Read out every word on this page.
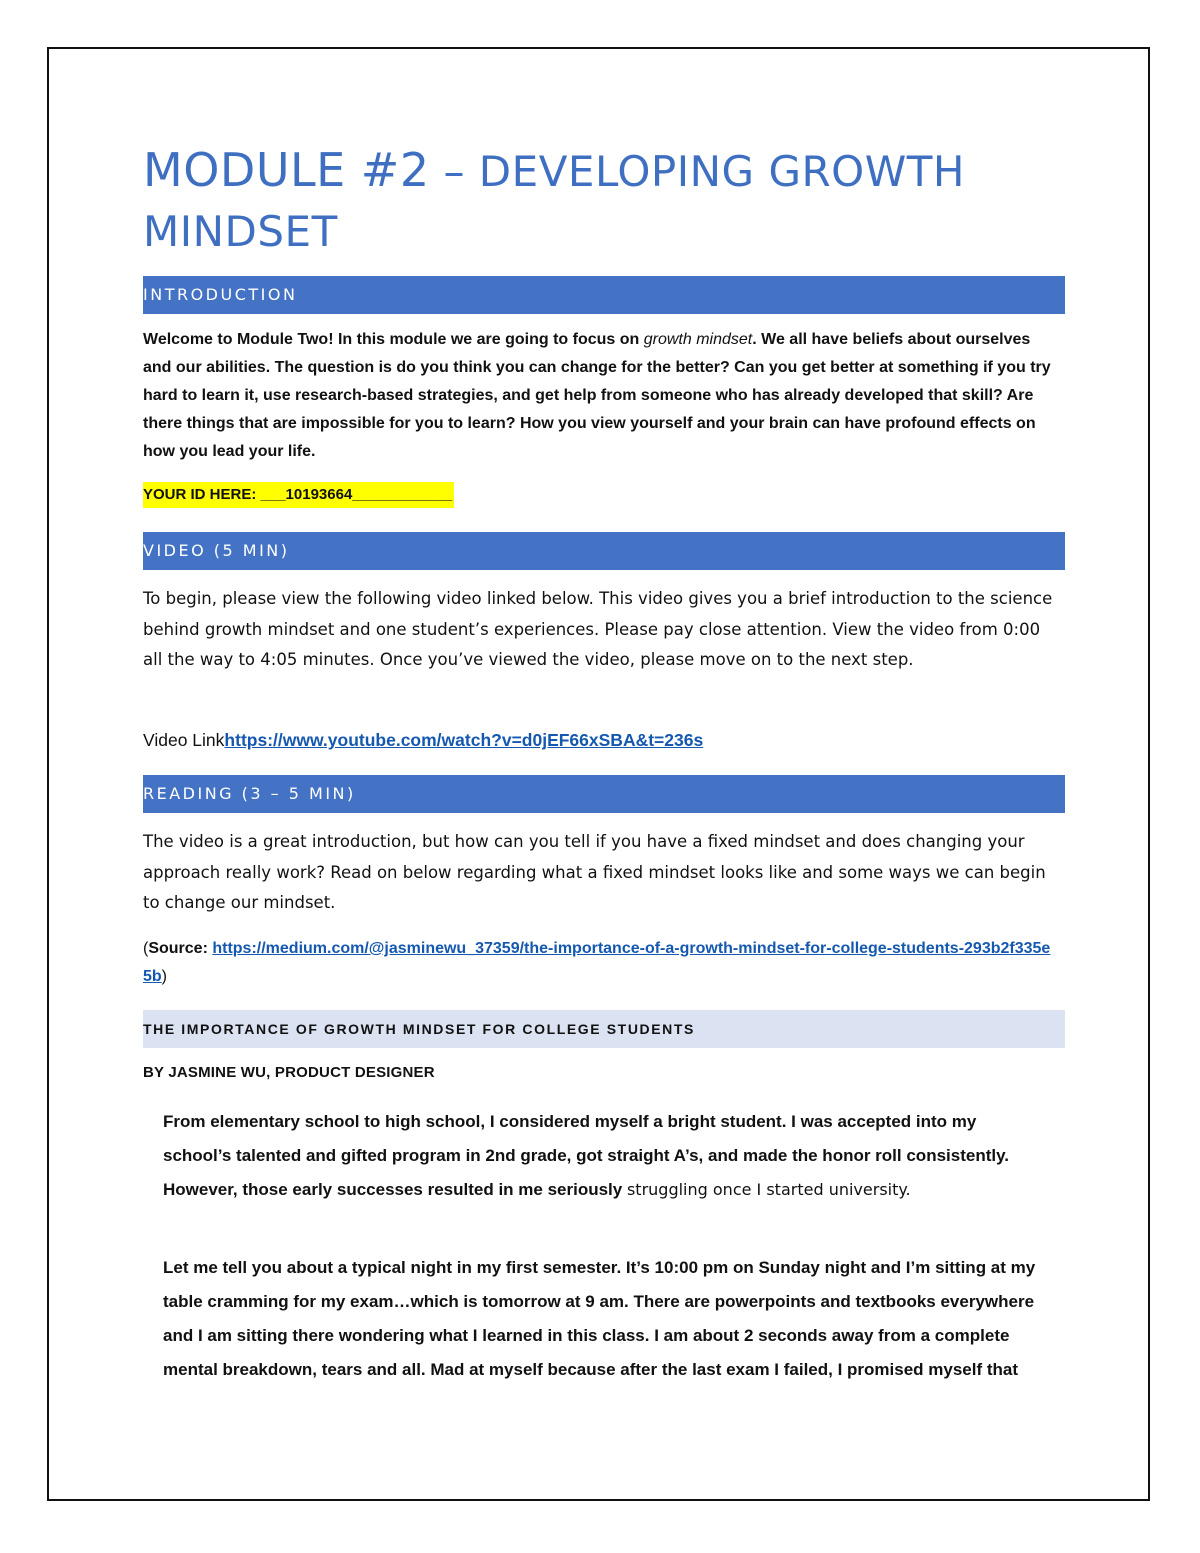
MODULE #2 – DEVELOPING GROWTH MINDSET
INTRODUCTION

Welcome to Module Two! In this module we are going to focus on growth mindset. We all have beliefs about ourselves and our abilities. The question is do you think you can change for the better? Can you get better at something if you try hard to learn it, use research-based strategies, and get help from someone who has already developed that skill? Are there things that are impossible for you to learn? How you view yourself and your brain can have profound effects on how you lead your life.

YOUR ID HERE: ___10193664____________
VIDEO (5 MIN)

To begin, please view the following video linked below. This video gives you a brief introduction to the science behind growth mindset and one student’s experiences. Please pay close attention. View the video from 0:00 all the way to 4:05 minutes. Once you’ve viewed the video, please move on to the next step.

Video Linkhttps://www.youtube.com/watch?v=d0jEF66xSBA&t=236s

READING (3 – 5 MIN)

The video is a great introduction, but how can you tell if you have a fixed mindset and does changing your approach really work? Read on below regarding what a fixed mindset looks like and some ways we can begin to change our mindset.

(Source: https://medium.com/@jasminewu_37359/the-importance-of-a-growth-mindset-for-college-students-293b2f335e5b)

THE IMPORTANCE OF GROWTH MINDSET FOR COLLEGE STUDENTS
BY JASMINE WU, PRODUCT DESIGNER

From elementary school to high school, I considered myself a bright student. I was accepted into my school’s talented and gifted program in 2nd grade, got straight A’s, and made the honor roll consistently. However, those early successes resulted in me seriously struggling once I started university.

Let me tell you about a typical night in my first semester. It’s 10:00 pm on Sunday night and I’m sitting at my table cramming for my exam…which is tomorrow at 9 am. There are powerpoints and textbooks everywhere and I am sitting there wondering what I learned in this class. I am about 2 seconds away from a complete mental breakdown, tears and all. Mad at myself because after the last exam I failed, I promised myself that
